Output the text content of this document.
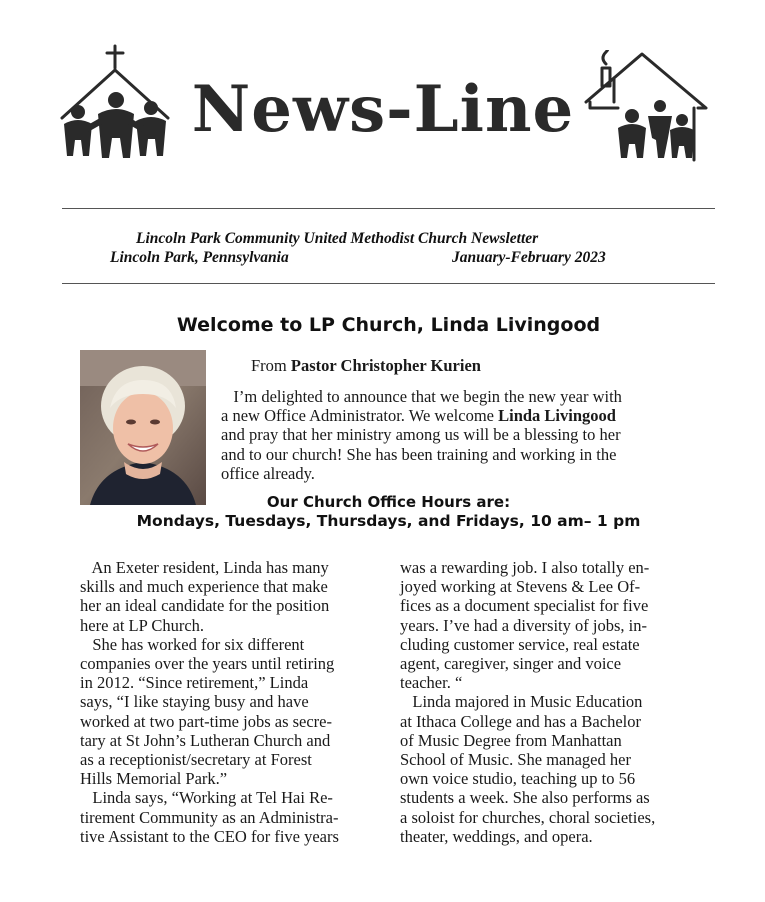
News-Line
Lincoln Park Community United Methodist Church Newsletter
Lincoln Park, Pennsylvania	January-February 2023
Welcome to LP Church, Linda Livingood
From Pastor Christopher Kurien
I’m delighted to announce that we begin the new year with
a new Office Administrator. We welcome Linda Livingood
and pray that her ministry among us will be a blessing to her
and to our church! She has been training and working in the
office already.
Our Church Office Hours are:
Mondays, Tuesdays, Thursdays, and Fridays, 10 am– 1 pm
An Exeter resident, Linda has many
skills and much experience that make
her an ideal candidate for the position
here at LP Church.
She has worked for six different
companies over the years until retiring
in 2012. “Since retirement,” Linda
says, “I like staying busy and have
worked at two part-time jobs as secre-
tary at St John’s Lutheran Church and
as a receptionist/secretary at Forest
Hills Memorial Park.”
Linda says, “Working at Tel Hai Re-
tirement Community as an Administra-
tive Assistant to the CEO for five years
was a rewarding job. I also totally en-
joyed working at Stevens & Lee Of-
fices as a document specialist for five
years. I’ve had a diversity of jobs, in-
cluding customer service, real estate
agent, caregiver, singer and voice
teacher. “
Linda majored in Music Education
at Ithaca College and has a Bachelor
of Music Degree from Manhattan
School of Music. She managed her
own voice studio, teaching up to 56
students a week. She also performs as
a soloist for churches, choral societies,
theater, weddings, and opera.
